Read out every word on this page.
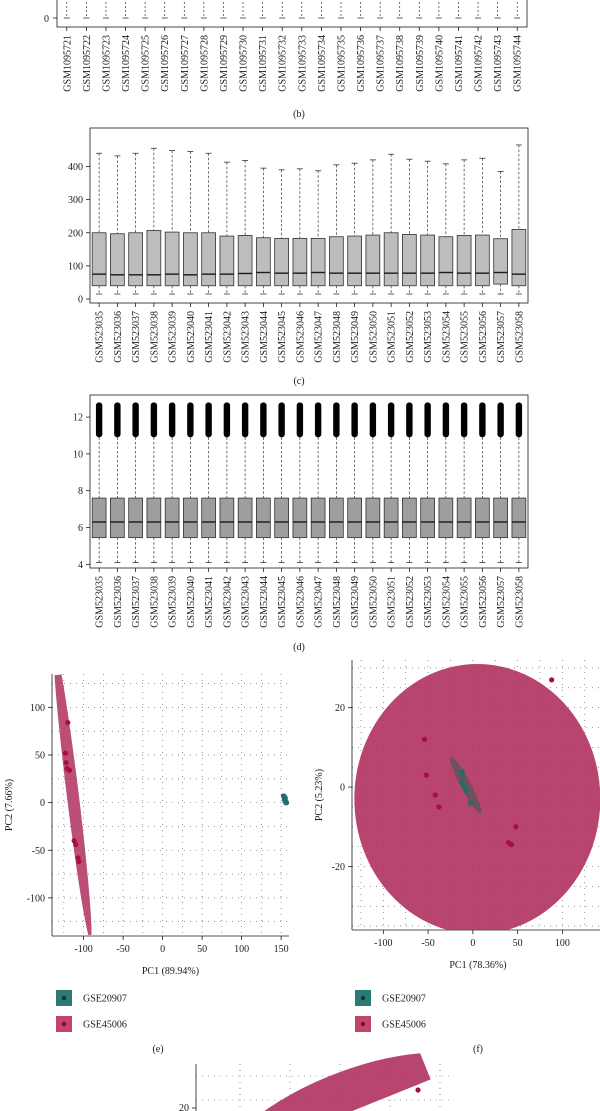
GSM1095721 GSM1095722 GSM1095723 GSM1095724 GSM1095725 GSM1095726 GSM1095727 GSM1095728 GSM1095729 GSM1095730 GSM1095731 GSM1095732 GSM1095733 GSM1095734 GSM1095735 GSM1095736 GSM1095737 GSM1095738 GSM1095739 GSM1095740 GSM1095741 GSM1095742 GSM1095743 GSM1095744
0
(b)
0
100
200
300
400
GSM523035 GSM523036 GSM523037 GSM523038 GSM523039 GSM523040 GSM523041 GSM523042 GSM523043 GSM523044 GSM523045 GSM523046 GSM523047 GSM523048 GSM523049 GSM523050 GSM523051 GSM523052 GSM523053 GSM523054 GSM523055 GSM523056 GSM523057 GSM523058
(c)
4
6
8
10
12
GSM523035 GSM523036 GSM523037 GSM523038 GSM523039 GSM523040 GSM523041 GSM523042 GSM523043 GSM523044 GSM523045 GSM523046 GSM523047 GSM523048 GSM523049 GSM523050 GSM523051 GSM523052 GSM523053 GSM523054 GSM523055 GSM523056 GSM523057 GSM523058
(d)
-100 -50	0	50	100 150
-100
-50
0
50
100
PC1 (89.94%)
PC2 (7.66%)
GSE20907
GSE45006
(e)
-100	-50	0	50	100
-20
0
20
PC1 (78.36%)
PC2 (5.23%)
GSE20907
GSE45006
(f)
20
